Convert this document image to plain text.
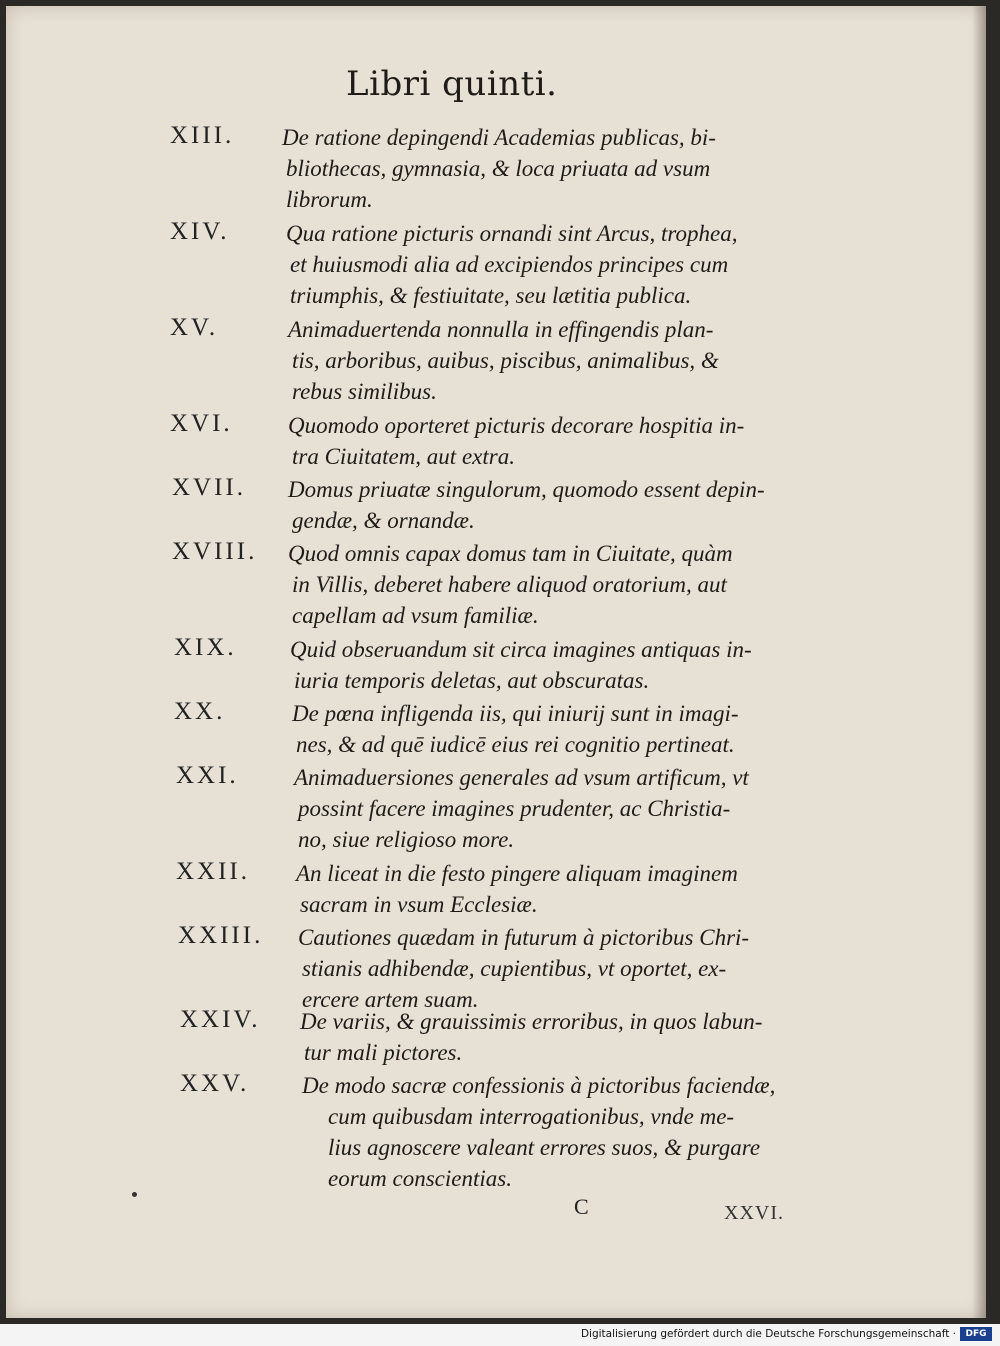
Libri quinti.
XIII. De ratione depingendi Academias publicas, bi-
bliothecas, gymnasia, & loca priuata ad vsum
librorum.
XIV. Qua ratione picturis ornandi sint Arcus, trophea,
et huiusmodi alia ad excipiendos principes cum
triumphis, & festiuitate, seu lætitia publica.
XV.	Animaduertenda nonnulla in effingendis plan-
tis, arboribus, auibus, piscibus, animalibus, &
rebus similibus.
XVI. Quomodo oporteret picturis decorare hospitia in-
tra Ciuitatem, aut extra.
XVII. Domus priuatæ singulorum, quomodo essent depin-
gendæ, & ornandæ.
XVIII. Quod omnis capax domus tam in Ciuitate, quàm
in Villis, deberet habere aliquod oratorium, aut
capellam ad vsum familiæ.
XIX. Quid obseruandum sit circa imagines antiquas in-
iuria temporis deletas, aut obscuratas.
XX.	De pœna infligenda iis, qui iniurij sunt in imagi-
nes, & ad quē iudicē eius rei cognitio pertineat.
XXI. Animaduersiones generales ad vsum artificum, vt
possint facere imagines prudenter, ac Christia-
no, siue religioso more.
XXII. An liceat in die festo pingere aliquam imaginem
sacram in vsum Ecclesiæ.
XXIII. Cautiones quædam in futurum à pictoribus Chri-
stianis adhibendæ, cupientibus, vt oportet, ex-
ercere artem suam.
XXIV. De variis, & grauissimis erroribus, in quos labun-
tur mali pictores.
XXV. De modo sacræ confessionis à pictoribus faciendæ,
cum quibusdam interrogationibus, vnde me-
lius agnoscere valeant errores suos, & purgare
eorum conscientias.
C	XXVI.
Digitalisierung gefördert durch die Deutsche Forschungsgemeinschaft ·	DFG
